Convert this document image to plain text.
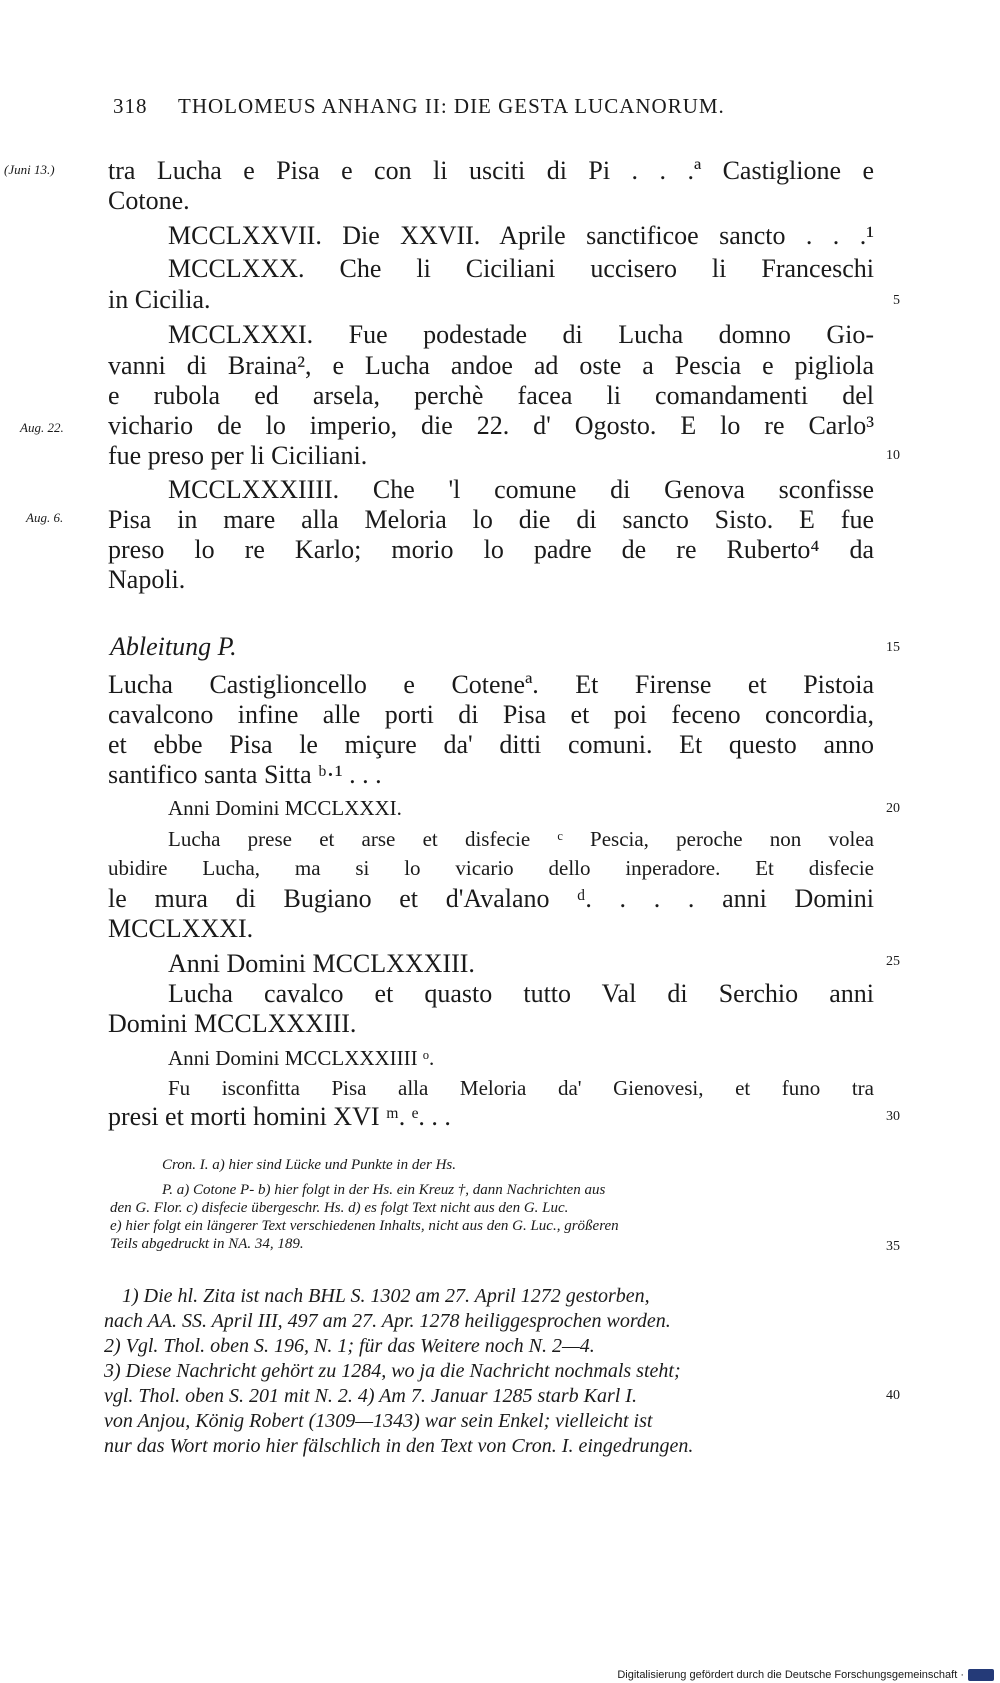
318 THOLOMEUS ANHANG II: DIE GESTA LUCANORUM.
(Juni 13.)
Aug. 22.
Aug. 6.
5
10
15
20
25
30
35
40
tra Lucha e Pisa e con li usciti di Pi . . .ª Castiglione e
Cotone.
MCCLXXVII. Die XXVII. Aprile sanctificoe sancto . . .¹
MCCLXXX. Che li Ciciliani uccisero li Franceschi
in Cicilia.
MCCLXXXI. Fue podestade di Lucha domno Gio-
vanni di Braina², e Lucha andoe ad oste a Pescia e pigliola
e rubola ed arsela, perchè facea li comandamenti del
vichario de lo imperio, die 22. d' Ogosto. E lo re Carlo³
fue preso per li Ciciliani.
MCCLXXXIIII. Che 'l comune di Genova sconfisse
Pisa in mare alla Meloria lo die di sancto Sisto. E fue
preso lo re Karlo; morio lo padre de re Ruberto⁴ da
Napoli.
Ableitung P.
Lucha Castiglioncello e Coteneª. Et Firense et Pistoia
cavalcono infine alle porti di Pisa et poi feceno concordia,
et ebbe Pisa le miçure da' ditti comuni. Et questo anno
santifico santa Sitta ᵇ·¹ . . .
Anni Domini MCCLXXXI.
Lucha prese et arse et disfecie ᶜ Pescia, peroche non volea
ubidire Lucha, ma si lo vicario dello inperadore. Et disfecie
le mura di Bugiano et d'Avalano ᵈ. . . . anni Domini
MCCLXXXI.
Anni Domini MCCLXXXIII.
Lucha cavalco et quasto tutto Val di Serchio anni
Domini MCCLXXXIII.
Anni Domini MCCLXXXIIII ᵒ.
Fu isconfitta Pisa alla Meloria da' Gienovesi, et funo tra
presi et morti homini XVI ᵐ. ᵉ. . .
Cron. I. a) hier sind Lücke und Punkte in der Hs.
P. a) Cotone P- b) hier folgt in der Hs. ein Kreuz †, dann Nachrichten aus
den G. Flor. c) disfecie übergeschr. Hs. d) es folgt Text nicht aus den G. Luc.
e) hier folgt ein längerer Text verschiedenen Inhalts, nicht aus den G. Luc., größeren
Teils abgedruckt in NA. 34, 189.
1) Die hl. Zita ist nach BHL S. 1302 am 27. April 1272 gestorben,
nach AA. SS. April III, 497 am 27. Apr. 1278 heiliggesprochen worden.
2) Vgl. Thol. oben S. 196, N. 1; für das Weitere noch N. 2—4.
3) Diese Nachricht gehört zu 1284, wo ja die Nachricht nochmals steht;
vgl. Thol. oben S. 201 mit N. 2. 4) Am 7. Januar 1285 starb Karl I.
von Anjou, König Robert (1309—1343) war sein Enkel; vielleicht ist
nur das Wort morio hier fälschlich in den Text von Cron. I. eingedrungen.
Digitalisierung gefördert durch die Deutsche Forschungsgemeinschaft ·
